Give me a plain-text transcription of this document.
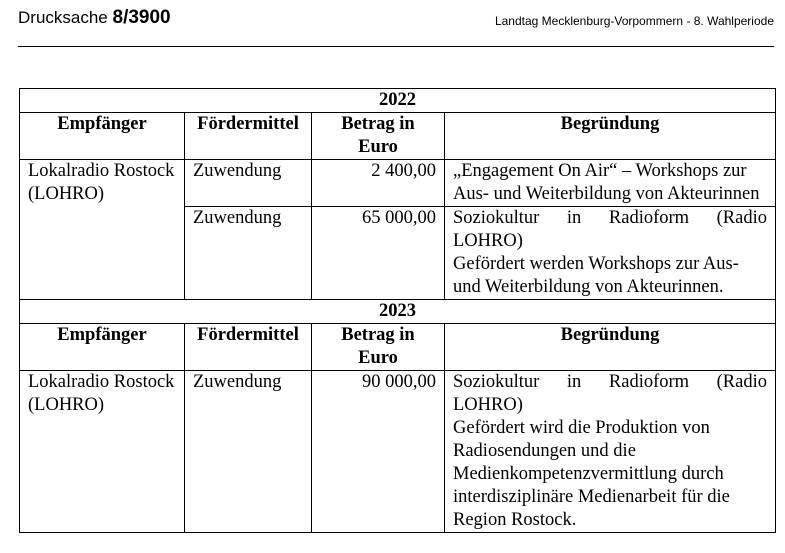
Drucksache 8/3900	Landtag Mecklenburg-Vorpommern - 8. Wahlperiode
2022			
Empfänger	Fördermittel	Betrag in Euro	Begründung
Lokalradio Rostock (LOHRO)	Zuwendung	2 400,00	„Engagement On Air“ – Workshops zur Aus- und Weiterbildung von Akteurinnen
	Zuwendung	65 000,00	Soziokultur in Radioform (Radio
LOHRO)
Gefördert werden Workshops zur Aus- und Weiterbildung von Akteurinnen.

2023			
Empfänger	Fördermittel	Betrag in Euro	Begründung
Lokalradio Rostock (LOHRO)	Zuwendung	90 000,00	Soziokultur in Radioform (Radio
LOHRO)
Gefördert wird die Produktion von Radiosendungen und die Medienkompetenzvermittlung durch interdisziplinäre Medienarbeit für die Region Rostock.
